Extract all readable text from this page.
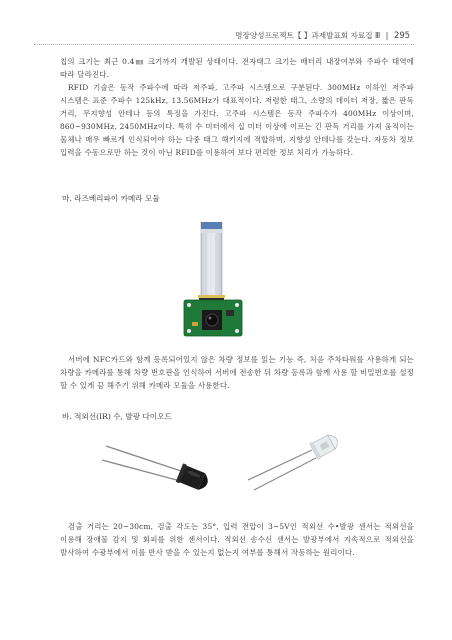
명장양성프로젝트【 】과제발표회 자료집 Ⅲ ‖ 295

칩의 크기는 최근 0.4㎜ 크기까지 개발된 상태이다. 전자태그 크기는 배터리 내장여부와 주파수 대역에 따라 달라진다.

RFID 기술은 동작 주파수에 따라 저주파, 고주파 시스템으로 구분된다. 300MHz 이하인 저주파 시스템은 표준 주파수 125kHz, 13.56MHz가 대표적이다. 저렴한 태그, 소량의 데이터 저장, 짧은 판독 거리, 무지향성 안테나 등의 특징을 가진다. 고주파 시스템은 동작 주파수가 400MHz 이상이며, 860~930MHz, 2450MHz이다. 특히 수 미터에서 십 미터 이상에 이르는 긴 판독 거리를 가져 움직이는 물체나 매우 빠르게 인식되어야 하는 다중 태그 해키지에 적합하며, 지향성 안테나를 갖는다. 자동차 정보 입력을 수동으로만 하는 것이 아닌 RFID를 이용하여 보다 편리한 정보 처리가 가능하다.

마. 라즈베리파이 카메라 모듈

서버에 NFC카드와 함께 등록되어있지 않은 차량 정보를 읽는 기능 즉, 처음 주차타워를 사용하게 되는 차량을 카메라를 통해 차량 번호판을 인식하여 서버에 전송한 뒤 차량 등록과 함께 사용 할 비밀번호를 설정 할 수 있게 끔 해주기 위해 카메라 모듈을 사용한다.

바. 적외선(IR) 수, 발광 다이오드

검출 거리는 20~30cm, 검출 각도는 35°, 입력 전압이 3~5V인 적외선 수•발광 센서는 적외선을 이용해 장애물 감지 및 회피를 위한 센서이다. 적외선 송수신 센서는 발광부에서 지속적으로 적외선을 발사하여 수광부에서 이를 반사 받을 수 있는지 없는지 여부를 통해서 작동하는 원리이다.
